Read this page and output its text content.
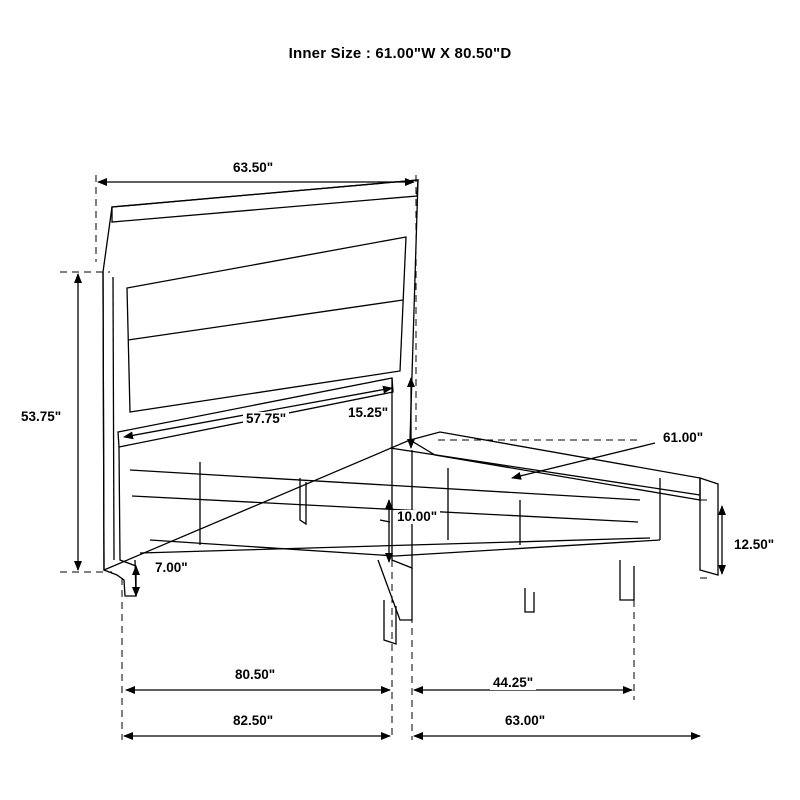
Inner Size : 61.00"W X 80.50"D
63.50"
53.75"	57.75"	15.25"
61.00"
10.00"
7.00"
12.50"
80.50"
44.25"
82.50"	63.00"
